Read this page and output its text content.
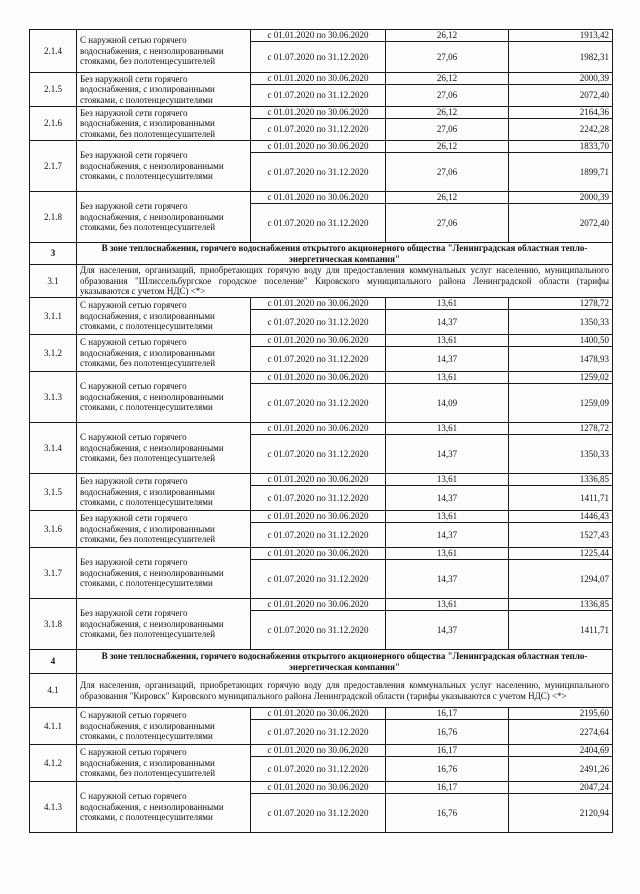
2.1.4	С наружной сетью горячего водоснабжения, с неизолированными стояками, без полотенцесушителей	с 01.01.2020 по 30.06.2020	26,12	1913,42
		с 01.07.2020 по 31.12.2020	27,06	1982,31
2.1.5	Без наружной сети горячего водоснабжения, с изолированными стояками, с полотенцесушителями	с 01.01.2020 по 30.06.2020	26,12	2000,39
		с 01.07.2020 по 31.12.2020	27,06	2072,40
2.1.6	Без наружной сети горячего водоснабжения, с изолированными стояками, без полотенцесушителей	с 01.01.2020 по 30.06.2020	26,12	2164,36
		с 01.07.2020 по 31.12.2020	27,06	2242,28
2.1.7	Без наружной сети горячего водоснабжения, с неизолированными стояками, с полотенцесушителями	с 01.01.2020 по 30.06.2020	26,12	1833,70
		с 01.07.2020 по 31.12.2020	27,06	1899,71
2.1.8	Без наружной сети горячего водоснабжения, с неизолированными стояками, без полотенцесушителей	с 01.01.2020 по 30.06.2020	26,12	2000,39
		с 01.07.2020 по 31.12.2020	27,06	2072,40
3	В зоне теплоснабжения, горячего водоснабжения открытого акционерного общества "Ленинградская областная тепло-энергетическая компания"			
3.1	Для населения, организаций, приобретающих горячую воду для предоставления коммунальных услуг населению, муниципального образования "Шлиссельбургское городское поселение" Кировского муниципального района Ленинградской области (тарифы указываются с учетом НДС) <*>			
3.1.1	С наружной сетью горячего водоснабжения, с изолированными стояками, с полотенцесушителями	с 01.01.2020 по 30.06.2020	13,61	1278,72
		с 01.07.2020 по 31.12.2020	14,37	1350,33
3.1.2	С наружной сетью горячего водоснабжения, с изолированными стояками, без полотенцесушителей	с 01.01.2020 по 30.06.2020	13,61	1400,50
		с 01.07.2020 по 31.12.2020	14,37	1478,93
3.1.3	С наружной сетью горячего водоснабжения, с неизолированными стояками, с полотенцесушителями	с 01.01.2020 по 30.06.2020	13,61	1259,02
		с 01.07.2020 по 31.12.2020	14,09	1259,09
3.1.4	С наружной сетью горячего водоснабжения, с неизолированными стояками, без полотенцесушителей	с 01.01.2020 по 30.06.2020	13,61	1278,72
		с 01.07.2020 по 31.12.2020	14,37	1350,33
3.1.5	Без наружной сети горячего водоснабжения, с изолированными стояками, с полотенцесушителями	с 01.01.2020 по 30.06.2020	13,61	1336,85
		с 01.07.2020 по 31.12.2020	14,37	1411,71
3.1.6	Без наружной сети горячего водоснабжения, с изолированными стояками, без полотенцесушителей	с 01.01.2020 по 30.06.2020	13,61	1446,43
		с 01.07.2020 по 31.12.2020	14,37	1527,43
3.1.7	Без наружной сети горячего водоснабжения, с неизолированными стояками, с полотенцесушителями	с 01.01.2020 по 30.06.2020	13,61	1225,44
		с 01.07.2020 по 31.12.2020	14,37	1294,07
3.1.8	Без наружной сети горячего водоснабжения, с неизолированными стояками, без полотенцесушителей	с 01.01.2020 по 30.06.2020	13,61	1336,85
		с 01.07.2020 по 31.12.2020	14,37	1411,71
4	В зоне теплоснабжения, горячего водоснабжения открытого акционерного общества "Ленинградская областная тепло-энергетическая компания"			
4.1	Для населения, организаций, приобретающих горячую воду для предоставления коммунальных услуг населению, муниципального образования "Кировск" Кировского муниципального района Ленинградской области (тарифы указываются с учетом НДС) <*>			
4.1.1	С наружной сетью горячего водоснабжения, с изолированными стояками, с полотенцесушителями	с 01.01.2020 по 30.06.2020	16,17	2195,60
		с 01.07.2020 по 31.12.2020	16,76	2274,64
4.1.2	С наружной сетью горячего водоснабжения, с изолированными стояками, без полотенцесушителей	с 01.01.2020 по 30.06.2020	16,17	2404,69
		с 01.07.2020 по 31.12.2020	16,76	2491,26
4.1.3	С наружной сетью горячего водоснабжения, с неизолированными стояками, с полотенцесушителями	с 01.01.2020 по 30.06.2020	16,17	2047,24
		с 01.07.2020 по 31.12.2020	16,76	2120,94
